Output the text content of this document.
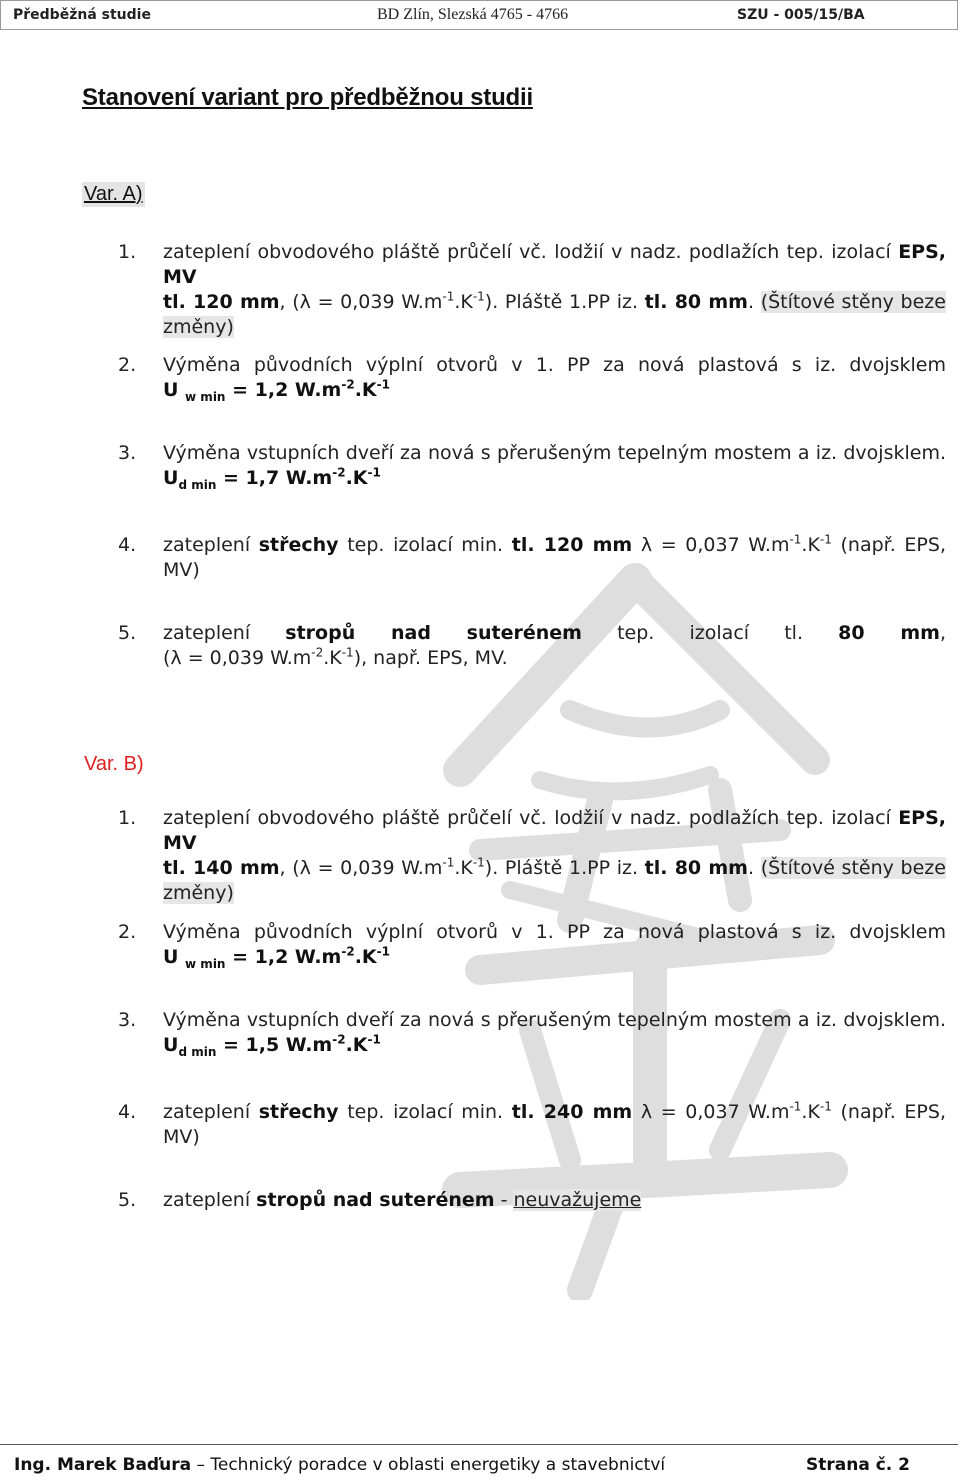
Předběžná studie	BD Zlín, Slezská 4765 - 4766	SZU - 005/15/BA
Stanovení variant pro předběžnou studii
Var. A)
1. zateplení obvodového pláště průčelí vč. lodžií v nadz. podlažích tep. izolací EPS, MV
tl. 120 mm, (λ = 0,039 $W.m^{-1}.K^{-1}$). Pláště 1.PP iz. tl. 80 mm. (Štítové stěny beze
změny)
2. Výměna původních výplní otvorů v 1. PP za nová plastová s iz. dvojsklem
U $_{w min}$ = 1,2 $W.m^{-2}.K^{-1}$
3. Výměna vstupních dveří za nová s přerušeným tepelným mostem a iz. dvojsklem.
$U_{d min} = 1,7$ $W.m^{-2}.K^{-1}$
4. zateplení střechy tep. izolací min. tl. 120 mm λ = 0,037 $W.m^{-1}.K^{-1}$ (např. EPS,
MV)
5. zateplení stropů nad suterénem tep. izolací tl. 80 mm,
(λ = 0,039 $W.m^{-2}.K^{-1}$), např. EPS, MV.
Var. B)
1. zateplení obvodového pláště průčelí vč. lodžií v nadz. podlažích tep. izolací EPS, MV
tl. 140 mm, (λ = 0,039 $W.m^{-1}.K^{-1}$). Pláště 1.PP iz. tl. 80 mm. (Štítové stěny beze
změny)
2. Výměna původních výplní otvorů v 1. PP za nová plastová s iz. dvojsklem
U $_{w min}$ = 1,2 $W.m^{-2}.K^{-1}$
3. Výměna vstupních dveří za nová s přerušeným tepelným mostem a iz. dvojsklem.
$U_{d min} = 1,5$ $W.m^{-2}.K^{-1}$
4. zateplení střechy tep. izolací min. tl. 240 mm λ = 0,037 $W.m^{-1}.K^{-1}$ (např. EPS,
MV)
5. zateplení stropů nad suterénem - neuvažujeme
Ing. Marek Baďura – Technický poradce v oblasti energetiky a stavebnictví	Strana č. 2
